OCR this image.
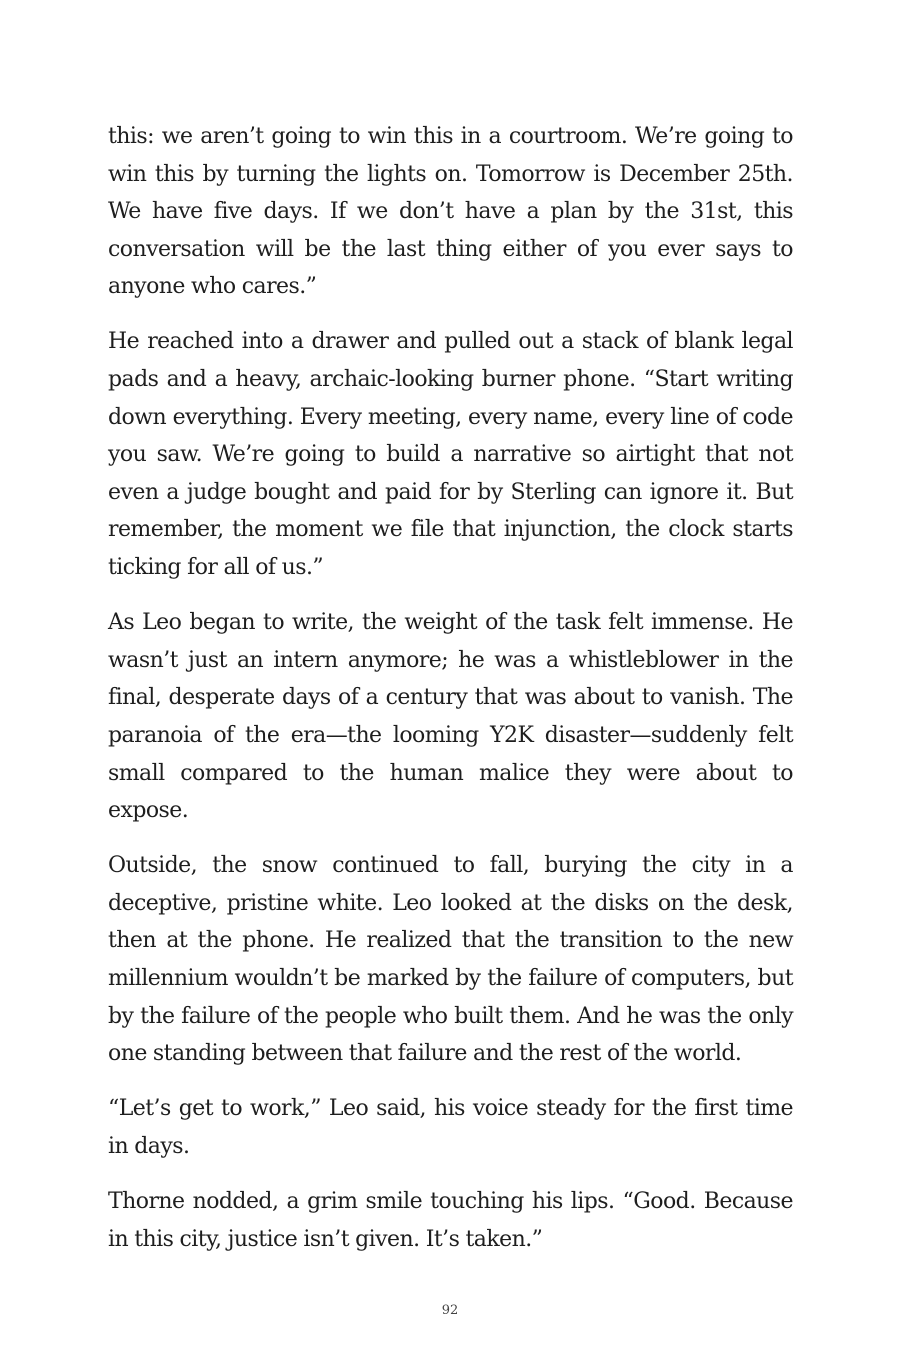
this: we aren’t going to win this in a courtroom. We’re going to win this by turning the lights on. Tomorrow is December 25th. We have five days. If we don’t have a plan by the 31st, this conversation will be the last thing either of you ever says to anyone who cares.”

He reached into a drawer and pulled out a stack of blank legal pads and a heavy, archaic-looking burner phone. “Start writing down everything. Every meeting, every name, every line of code you saw. We’re going to build a narrative so airtight that not even a judge bought and paid for by Sterling can ignore it. But remember, the moment we file that injunction, the clock starts ticking for all of us.”

As Leo began to write, the weight of the task felt immense. He wasn’t just an intern anymore; he was a whistleblower in the final, desperate days of a century that was about to vanish. The paranoia of the era—the looming Y2K disaster—suddenly felt small compared to the human malice they were about to expose.

Outside, the snow continued to fall, burying the city in a deceptive, pristine white. Leo looked at the disks on the desk, then at the phone. He realized that the transition to the new millennium wouldn’t be marked by the failure of computers, but by the failure of the people who built them. And he was the only one standing between that failure and the rest of the world.

“Let’s get to work,” Leo said, his voice steady for the first time in days.

Thorne nodded, a grim smile touching his lips. “Good. Because in this city, justice isn’t given. It’s taken.”

92
